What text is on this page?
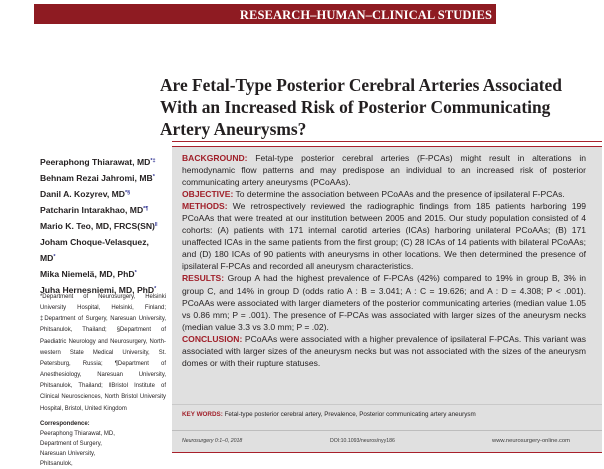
RESEARCH–HUMAN–CLINICAL STUDIES
Are Fetal-Type Posterior Cerebral Arteries Associated With an Increased Risk of Posterior Communicating Artery Aneurysms?
Peeraphong Thiarawat, MD*‡
Behnam Rezai Jahromi, MB*
Danil A. Kozyrev, MD*§
Patcharin Intarakhao, MD*¶
Mario K. Teo, MD, FRCS(SN)‖
Joham Choque-Velasquez,
MD*
Mika Niemelä, MD, PhD*
Juha Hernesniemi, MD, PhD*
*Department of Neurosurgery, Helsinki University Hospital, Helsinki, Finland; ‡Department of Surgery, Naresuan University, Phitsanulok, Thailand; §Department of Paediatric Neurology and Neurosurgery, North-western State Medical University, St. Petersburg, Russia; ¶Department of Anesthesiology, Naresuan University, Phitsanulok, Thailand; ‖Bristol Institute of Clinical Neurosciences, North Bristol University Hospital, Bristol, United Kingdom
Correspondence:
Peeraphong Thiarawat, MD,
Department of Surgery,
Naresuan University,
Phitsanulok,
BACKGROUND: Fetal-type posterior cerebral arteries (F-PCAs) might result in alterations in hemodynamic flow patterns and may predispose an individual to an increased risk of posterior communicating artery aneurysms (PCoAAs).
OBJECTIVE: To determine the association between PCoAAs and the presence of ipsilateral F-PCAs.
METHODS: We retrospectively reviewed the radiographic findings from 185 patients harboring 199 PCoAAs that were treated at our institution between 2005 and 2015. Our study population consisted of 4 cohorts: (A) patients with 171 internal carotid arteries (ICAs) harboring unilateral PCoAAs; (B) 171 unaffected ICAs in the same patients from the first group; (C) 28 ICAs of 14 patients with bilateral PCoAAs; and (D) 180 ICAs of 90 patients with aneurysms in other locations. We then determined the presence of ipsilateral F-PCAs and recorded all aneurysm characteristics.
RESULTS: Group A had the highest prevalence of F-PCAs (42%) compared to 19% in group B, 3% in group C, and 14% in group D (odds ratio A : B = 3.041; A : C = 19.626; and A : D = 4.308; P < .001). PCoAAs were associated with larger diameters of the posterior communicating arteries (median value 1.05 vs 0.86 mm; P = .001). The presence of F-PCAs was associated with larger sizes of the aneurysm necks (median value 3.3 vs 3.0 mm; P = .02).
CONCLUSION: PCoAAs were associated with a higher prevalence of ipsilateral F-PCAs. This variant was associated with larger sizes of the aneurysm necks but was not associated with the sizes of the aneurysm domes or with their rupture statuses.
KEY WORDS: Fetal-type posterior cerebral artery, Prevalence, Posterior communicating artery aneurysm
Neurosurgery 0:1–0, 2018	DOI:10.1093/neuros/nyy186	www.neurosurgery-online.com
